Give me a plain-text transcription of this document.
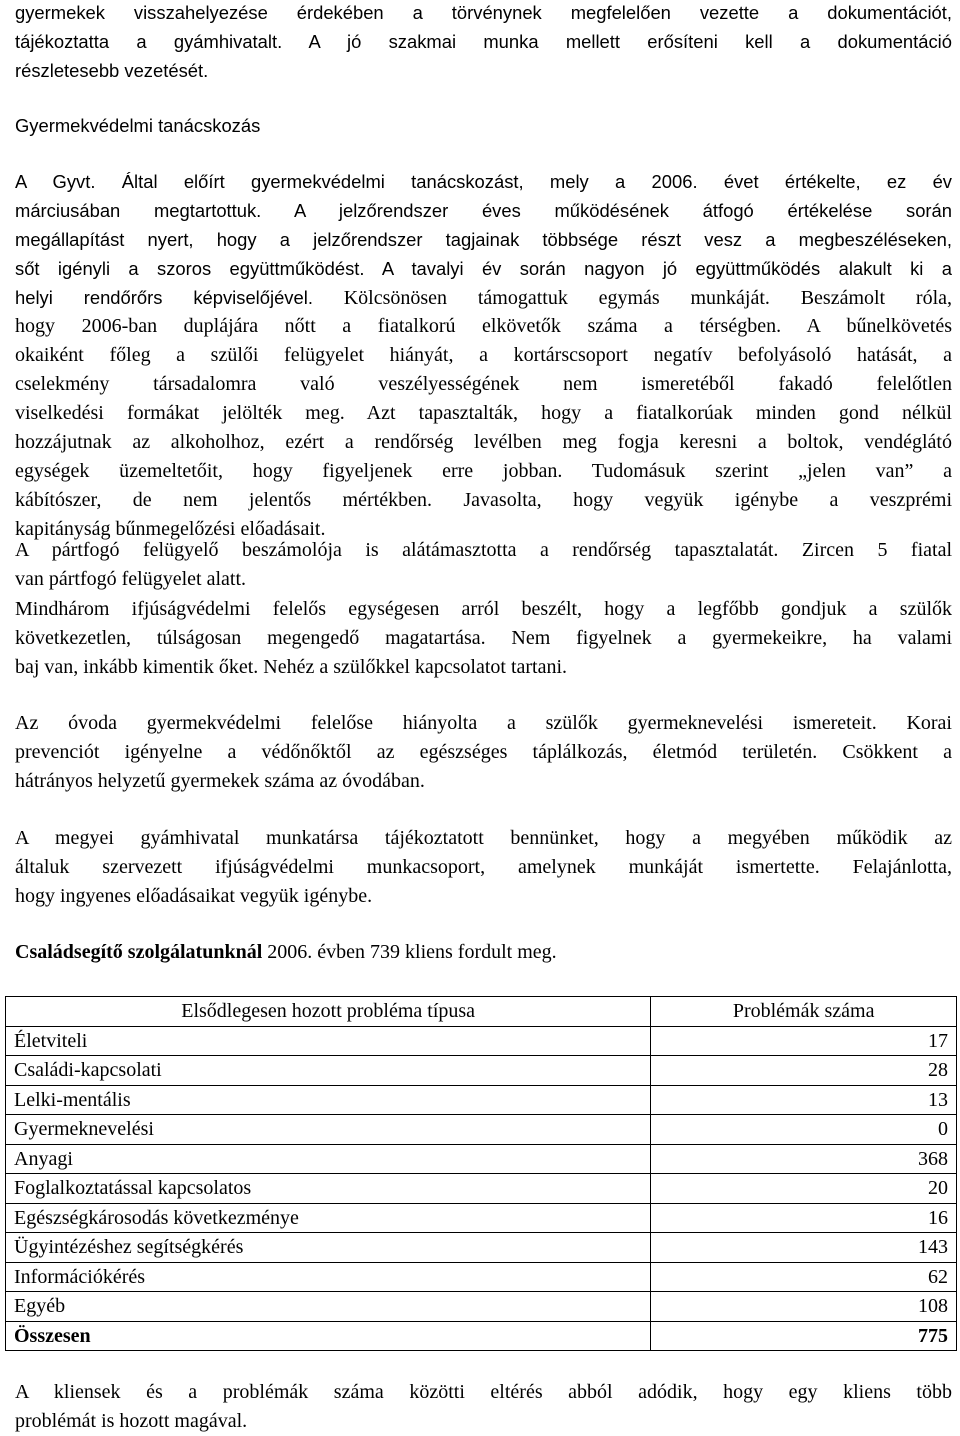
gyermekek visszahelyezése érdekében a törvénynek megfelelően vezette a dokumentációt,
tájékoztatta a gyámhivatalt. A jó szakmai munka mellett erősíteni kell a dokumentáció
részletesebb vezetését.
Gyermekvédelmi tanácskozás
A Gyvt. Által előírt gyermekvédelmi tanácskozást, mely a 2006. évet értékelte, ez év
márciusában megtartottuk. A jelzőrendszer éves működésének átfogó értékelése során
megállapítást nyert, hogy a jelzőrendszer tagjainak többsége részt vesz a megbeszéléseken,
sőt igényli a szoros együttműködést. A tavalyi év során nagyon jó együttműködés alakult ki a
helyi rendőrőrs képviselőjével. Kölcsönösen támogattuk egymás munkáját. Beszámolt róla,
hogy 2006-ban duplájára nőtt a fiatalkorú elkövetők száma a térségben. A bűnelkövetés
okaiként főleg a szülői felügyelet hiányát, a kortárscsoport negatív befolyásoló hatását, a
cselekmény társadalomra való veszélyességének nem ismeretéből fakadó felelőtlen
viselkedési formákat jelölték meg. Azt tapasztalták, hogy a fiatalkorúak minden gond nélkül
hozzájutnak az alkoholhoz, ezért a rendőrség levélben meg fogja keresni a boltok, vendéglátó
egységek üzemeltetőit, hogy figyeljenek erre jobban. Tudomásuk szerint „jelen van” a
kábítószer, de nem jelentős mértékben. Javasolta, hogy vegyük igénybe a veszprémi
kapitányság bűnmegelőzési előadásait.
A pártfogó felügyelő beszámolója is alátámasztotta a rendőrség tapasztalatát. Zircen 5 fiatal
van pártfogó felügyelet alatt.
Mindhárom ifjúságvédelmi felelős egységesen arról beszélt, hogy a legfőbb gondjuk a szülők
következetlen, túlságosan megengedő magatartása. Nem figyelnek a gyermekeikre, ha valami
baj van, inkább kimentik őket. Nehéz a szülőkkel kapcsolatot tartani.
Az óvoda gyermekvédelmi felelőse hiányolta a szülők gyermeknevelési ismereteit. Korai
prevenciót igényelne a védőnőktől az egészséges táplálkozás, életmód területén. Csökkent a
hátrányos helyzetű gyermekek száma az óvodában.
A megyei gyámhivatal munkatársa tájékoztatott bennünket, hogy a megyében működik az
általuk szervezett ifjúságvédelmi munkacsoport, amelynek munkáját ismertette. Felajánlotta,
hogy ingyenes előadásaikat vegyük igénybe.
Családsegítő szolgálatunknál 2006. évben 739 kliens fordult meg.
Elsődlegesen hozott probléma típusa	Problémák száma
Életviteli	17
Családi-kapcsolati	28
Lelki-mentális	13
Gyermeknevelési	0
Anyagi	368
Foglalkoztatással kapcsolatos	20
Egészségkárosodás következménye	16
Ügyintézéshez segítségkérés	143
Információkérés	62
Egyéb	108
Összesen	775
A kliensek és a problémák száma közötti eltérés abból adódik, hogy egy kliens több
problémát is hozott magával.
